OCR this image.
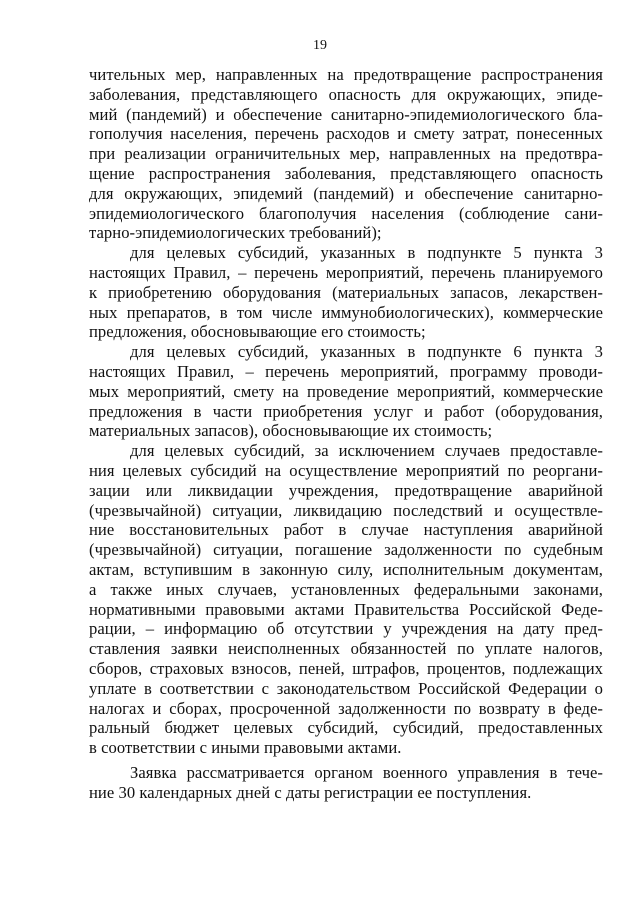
19
чительных мер, направленных на предотвращение распространения
заболевания, представляющего опасность для окружающих, эпиде-
мий (пандемий) и обеспечение санитарно-эпидемиологического бла-
гополучия населения, перечень расходов и смету затрат, понесенных
при реализации ограничительных мер, направленных на предотвра-
щение распространения заболевания, представляющего опасность
для окружающих, эпидемий (пандемий) и обеспечение санитарно-
эпидемиологического благополучия населения (соблюдение сани-
тарно-эпидемиологических требований);
для целевых субсидий, указанных в подпункте 5 пункта 3
настоящих Правил, – перечень мероприятий, перечень планируемого
к приобретению оборудования (материальных запасов, лекарствен-
ных препаратов, в том числе иммунобиологических), коммерческие
предложения, обосновывающие его стоимость;
для целевых субсидий, указанных в подпункте 6 пункта 3
настоящих Правил, – перечень мероприятий, программу проводи-
мых мероприятий, смету на проведение мероприятий, коммерческие
предложения в части приобретения услуг и работ (оборудования,
материальных запасов), обосновывающие их стоимость;
для целевых субсидий, за исключением случаев предоставле-
ния целевых субсидий на осуществление мероприятий по реоргани-
зации или ликвидации учреждения, предотвращение аварийной
(чрезвычайной) ситуации, ликвидацию последствий и осуществле-
ние восстановительных работ в случае наступления аварийной
(чрезвычайной) ситуации, погашение задолженности по судебным
актам, вступившим в законную силу, исполнительным документам,
а также иных случаев, установленных федеральными законами,
нормативными правовыми актами Правительства Российской Феде-
рации, – информацию об отсутствии у учреждения на дату пред-
ставления заявки неисполненных обязанностей по уплате налогов,
сборов, страховых взносов, пеней, штрафов, процентов, подлежащих
уплате в соответствии с законодательством Российской Федерации о
налогах и сборах, просроченной задолженности по возврату в феде-
ральный бюджет целевых субсидий, субсидий, предоставленных
в соответствии с иными правовыми актами.
Заявка рассматривается органом военного управления в тече-
ние 30 календарных дней с даты регистрации ее поступления.
